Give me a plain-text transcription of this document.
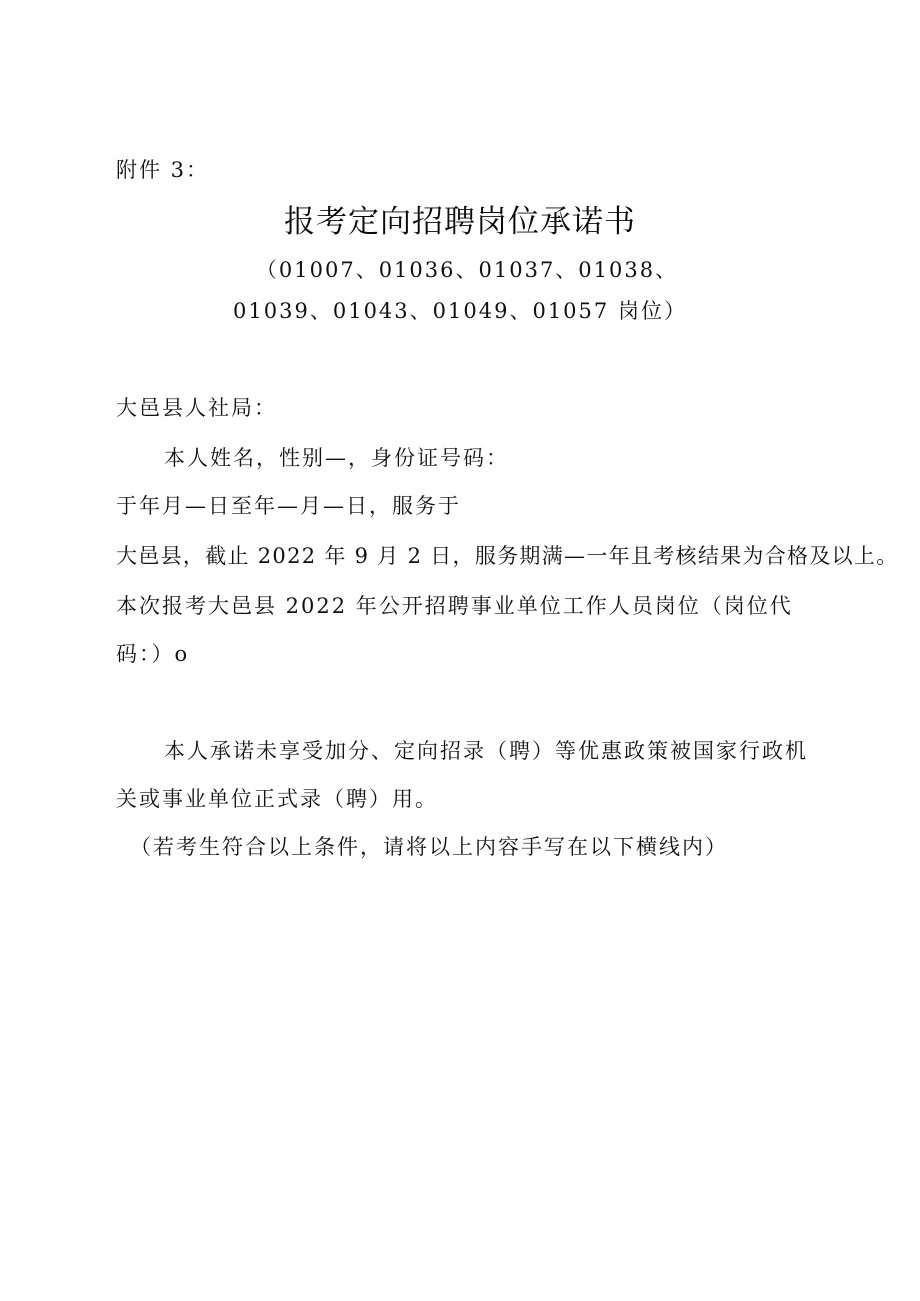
附件 3：
报考定向招聘岗位承诺书
（01007、01036、01037、01038、
01039、01043、01049、01057 岗位）
大邑县人社局：
本人姓名，性别—，身份证号码：
于年月—日至年—月—日，服务于
大邑县，截止 2022 年 9 月 2 日，服务期满—一年且考核结果为合格及以上。
本次报考大邑县 2022 年公开招聘事业单位工作人员岗位（岗位代
码：）o
本人承诺未享受加分、定向招录（聘）等优惠政策被国家行政机
关或事业单位正式录（聘）用。
（若考生符合以上条件，请将以上内容手写在以下横线内）
